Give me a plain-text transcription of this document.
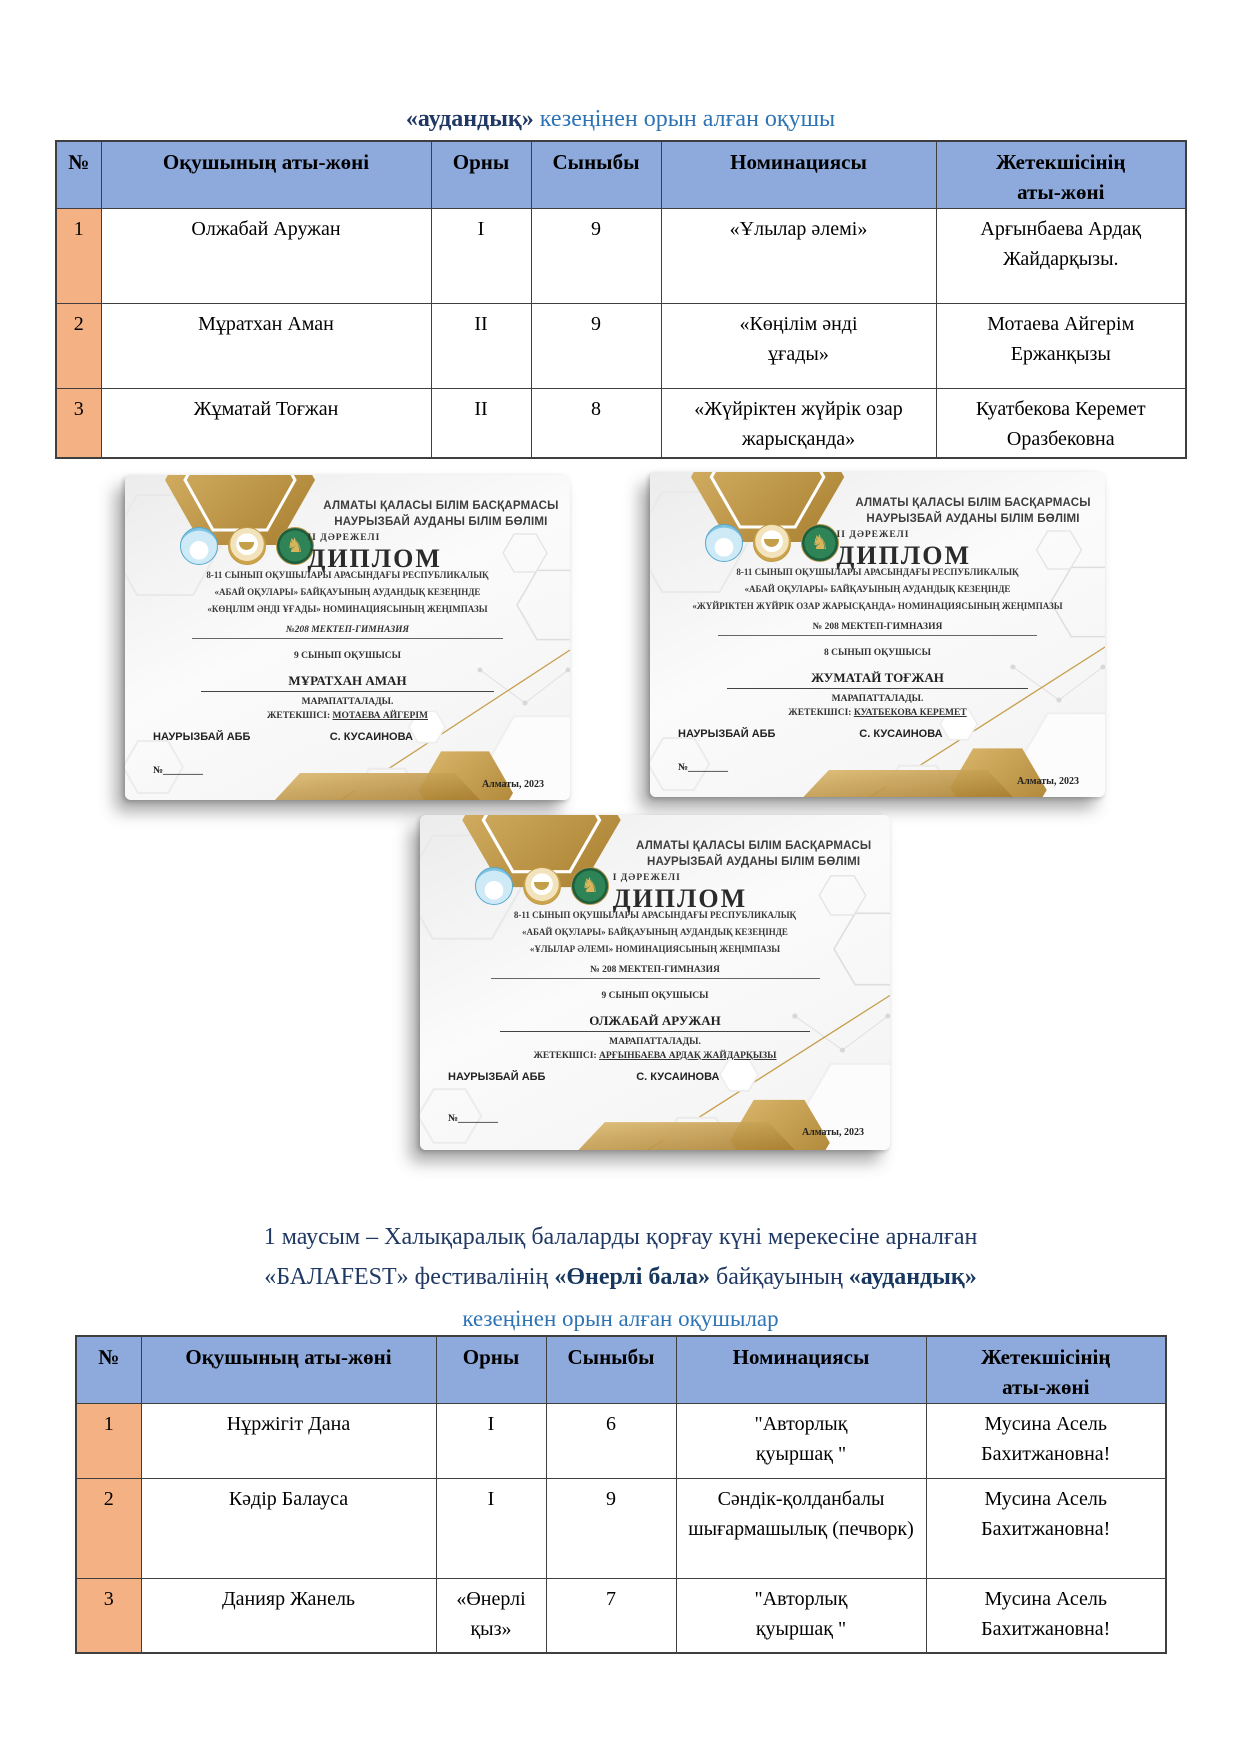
«аудандық» кезеңінен орын алған оқушы
№	Оқушының аты-жөні	Орны	Сыныбы	Номинациясы	Жетекшісінің аты-жөні

1	Олжабай Аружан	I	9	«Ұлылар әлемі»	Арғынбаева Ардақ Жайдарқызы.
2	Мұратхан Аман	II	9	«Көңілім әнді ұғады»	Мотаева Айгерім Ержанқызы
3	Жұматай Тоғжан	II	8	«Жүйріктен жүйрік озар жарысқанда»	Куатбекова Керемет Оразбековна
АЛМАТЫ ҚАЛАСЫ БІЛІМ БАСҚАРМАСЫ
НАУРЫЗБАЙ АУДАНЫ БІЛІМ БӨЛІМІ
♞ ІІ ДӘРЕЖЕЛІ
ДИПЛОМ
8-11 СЫНЫП ОҚУШЫЛАРЫ АРАСЫНДАҒЫ РЕСПУБЛИКАЛЫҚ
«АБАЙ ОҚУЛАРЫ» БАЙҚАУЫНЫҢ АУДАНДЫҚ КЕЗЕҢІНДЕ
«КӨҢІЛІМ ӘНДІ ҰҒАДЫ» НОМИНАЦИЯСЫНЫҢ ЖЕҢІМПАЗЫ
№208 МЕКТЕП-ГИМНАЗИЯ
9 СЫНЫП ОҚУШЫСЫ
МҰРАТХАН АМАН
МАРАПАТТАЛАДЫ.
ЖЕТЕКШІСІ: МОТАЕВА АЙГЕРІМ
НАУРЫЗБАЙ АББ	С. КУСАИНОВА
№________
Алматы, 2023
АЛМАТЫ ҚАЛАСЫ БІЛІМ БАСҚАРМАСЫ
НАУРЫЗБАЙ АУДАНЫ БІЛІМ БӨЛІМІ
♞ ІІ ДӘРЕЖЕЛІ
ДИПЛОМ
8-11 СЫНЫП ОҚУШЫЛАРЫ АРАСЫНДАҒЫ РЕСПУБЛИКАЛЫҚ
«АБАЙ ОҚУЛАРЫ» БАЙҚАУЫНЫҢ АУДАНДЫҚ КЕЗЕҢІНДЕ
«ЖҮЙРІКТЕН ЖҮЙРІК ОЗАР ЖАРЫСҚАНДА» НОМИНАЦИЯСЫНЫҢ ЖЕҢІМПАЗЫ
№ 208 МЕКТЕП-ГИМНАЗИЯ
8 СЫНЫП ОҚУШЫСЫ
ЖУМАТАЙ ТОҒЖАН
МАРАПАТТАЛАДЫ.
ЖЕТЕКШІСІ: КУАТБЕКОВА КЕРЕМЕТ
НАУРЫЗБАЙ АББ	С. КУСАИНОВА
№________
Алматы, 2023
АЛМАТЫ ҚАЛАСЫ БІЛІМ БАСҚАРМАСЫ
НАУРЫЗБАЙ АУДАНЫ БІЛІМ БӨЛІМІ
♞	І ДӘРЕЖЕЛІ
ДИПЛОМ
8-11 СЫНЫП ОҚУШЫЛАРЫ АРАСЫНДАҒЫ РЕСПУБЛИКАЛЫҚ
«АБАЙ ОҚУЛАРЫ» БАЙҚАУЫНЫҢ АУДАНДЫҚ КЕЗЕҢІНДЕ
«ҰЛЫЛАР ӘЛЕМІ» НОМИНАЦИЯСЫНЫҢ ЖЕҢІМПАЗЫ
№ 208 МЕКТЕП-ГИМНАЗИЯ
9 СЫНЫП ОҚУШЫСЫ
ОЛЖАБАЙ АРУЖАН
МАРАПАТТАЛАДЫ.
ЖЕТЕКШІСІ: АРҒЫНБАЕВА АРДАҚ ЖАЙДАРҚЫЗЫ
НАУРЫЗБАЙ АББ	С. КУСАИНОВА
№________
Алматы, 2023
1 маусым – Халықаралық балаларды қорғау күні мерекесіне арналған
«БАЛАFEST» фестивалінің «Өнерлі бала» байқауының «аудандық»
кезеңінен орын алған оқушылар
№	Оқушының аты-жөні	Орны	Сыныбы	Номинациясы	Жетекшісінің аты-жөні

1	Нұржігіт Дана	I	6	"Авторлық қуыршақ "	Мусина Асель Бахитжановна!
2	Кәдір Балауса	I	9	Сәндік-қолданбалы шығармашылық (печворк)	Мусина Асель Бахитжановна!
3	Данияр Жанель	«Өнерлі қыз»	7	"Авторлық қуыршақ "	Мусина Асель Бахитжановна!
